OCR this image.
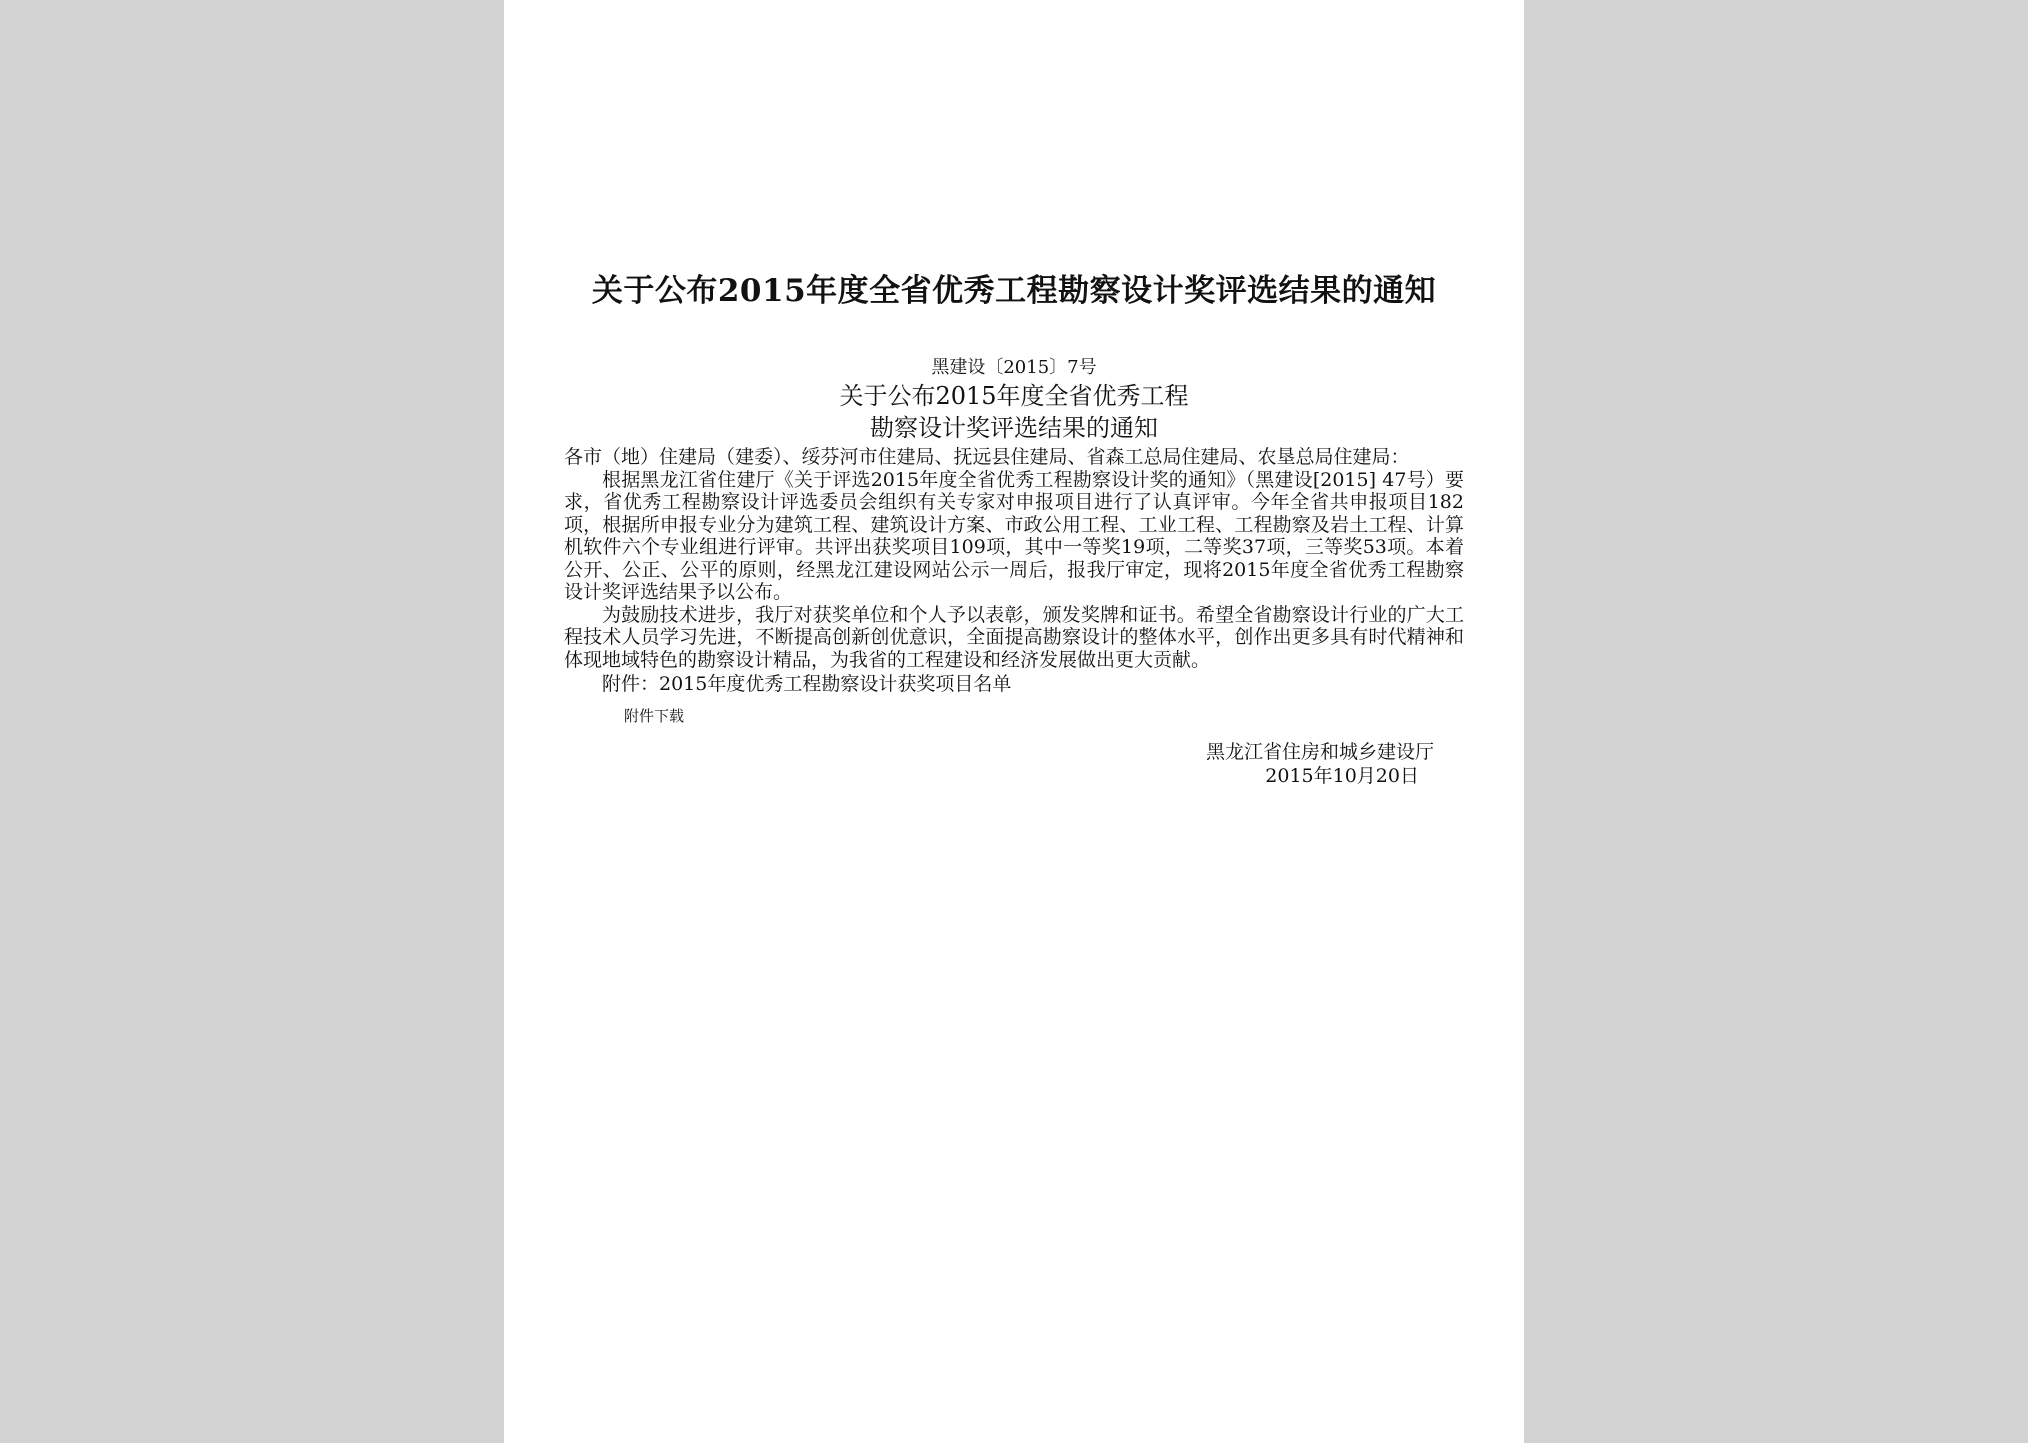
关于公布2015年度全省优秀工程勘察设计奖评选结果的通知
黑建设〔2015〕7号
关于公布2015年度全省优秀工程
勘察设计奖评选结果的通知
各市（地）住建局（建委）、绥芬河市住建局、抚远县住建局、省森工总局住建局、农垦总局住建局：
根据黑龙江省住建厅《关于评选2015年度全省优秀工程勘察设计奖的通知》（黑建设[2015] 47号）要求，省优秀工程勘察设计评选委员会组织有关专家对申报项目进行了认真评审。今年全省共申报项目182项，根据所申报专业分为建筑工程、建筑设计方案、市政公用工程、工业工程、工程勘察及岩土工程、计算机软件六个专业组进行评审。共评出获奖项目109项，其中一等奖19项，二等奖37项，三等奖53项。本着公开、公正、公平的原则，经黑龙江建设网站公示一周后，报我厅审定，现将2015年度全省优秀工程勘察设计奖评选结果予以公布。
为鼓励技术进步，我厅对获奖单位和个人予以表彰，颁发奖牌和证书。希望全省勘察设计行业的广大工程技术人员学习先进，不断提高创新创优意识，全面提高勘察设计的整体水平，创作出更多具有时代精神和体现地域特色的勘察设计精品，为我省的工程建设和经济发展做出更大贡献。
附件：2015年度优秀工程勘察设计获奖项目名单
附件下载
黑龙江省住房和城乡建设厅
2015年10月20日
